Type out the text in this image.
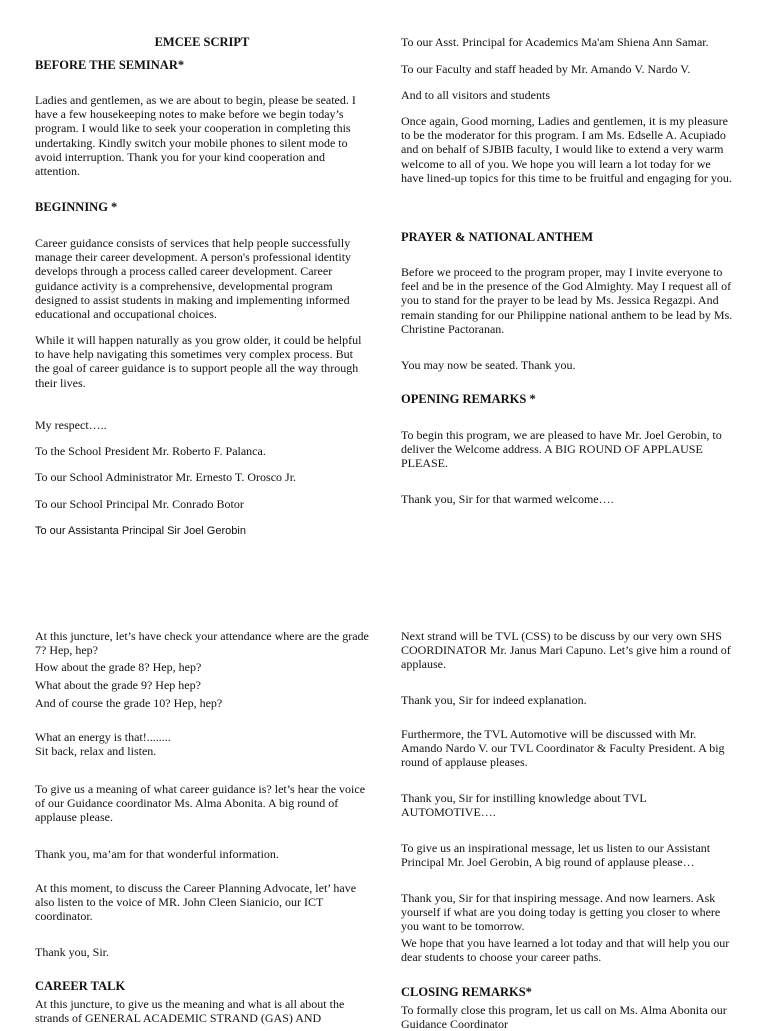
EMCEE SCRIPT

BEFORE THE SEMINAR*

Ladies and gentlemen, as we are about to begin, please be seated. I have a few housekeeping notes to make before we begin today’s program. I would like to seek your cooperation in completing this undertaking. Kindly switch your mobile phones to silent mode to avoid interruption. Thank you for your kind cooperation and attention.

BEGINNING *

Career guidance consists of services that help people successfully manage their career development. A person's professional identity develops through a process called career development. Career guidance activity is a comprehensive, developmental program designed to assist students in making and implementing informed educational and occupational choices.

While it will happen naturally as you grow older, it could be helpful to have help navigating this sometimes very complex process. But the goal of career guidance is to support people all the way through their lives.

My respect…..

To the School President Mr. Roberto F. Palanca.

To our School Administrator Mr. Ernesto T. Orosco Jr.

To our School Principal Mr. Conrado Botor

To our Assistanta Principal Sir Joel Gerobin

To our Asst. Principal for Academics Ma'am Shiena Ann Samar.

To our Faculty and staff headed by Mr. Amando V. Nardo V.

And to all visitors and students

Once again, Good morning, Ladies and gentlemen, it is my pleasure to be the moderator for this program. I am Ms. Edselle A. Acupiado and on behalf of SJBIB faculty, I would like to extend a very warm welcome to all of you. We hope you will learn a lot today for we have lined-up topics for this time to be fruitful and engaging for you.

PRAYER & NATIONAL ANTHEM

Before we proceed to the program proper, may I invite everyone to feel and be in the presence of the God Almighty. May I request all of you to stand for the prayer to be lead by Ms. Jessica Regazpi. And remain standing for our Philippine national anthem to be lead by Ms. Christine Pactoranan.

You may now be seated. Thank you.

OPENING REMARKS *

To begin this program, we are pleased to have Mr. Joel Gerobin, to deliver the Welcome address. A BIG ROUND OF APPLAUSE PLEASE.

Thank you, Sir for that warmed welcome….

At this juncture, let’s have check your attendance where are the grade 7? Hep, hep?

How about the grade 8? Hep, hep?

What about the grade 9? Hep hep?

And of course the grade 10? Hep, hep?

What an energy is that!........
Sit back, relax and listen.

To give us a meaning of what career guidance is? let’s hear the voice of our Guidance coordinator Ms. Alma Abonita. A big round of applause please.

Thank you, ma’am for that wonderful information.

At this moment, to discuss the Career Planning Advocate, let’ have also listen to the voice of MR. John Cleen Sianicio, our ICT coordinator.

Thank you, Sir.

CAREER TALK

At this juncture, to give us the meaning and what is all about the strands of GENERAL ACADEMIC STRAND (GAS) AND

Next strand will be TVL (CSS) to be discuss by our very own SHS COORDINATOR Mr. Janus Mari Capuno. Let’s give him a round of applause.

Thank you, Sir for indeed explanation.

Furthermore, the TVL Automotive will be discussed with Mr. Amando Nardo V. our TVL Coordinator & Faculty President. A big round of applause pleases.

Thank you, Sir for instilling knowledge about TVL AUTOMOTIVE….

To give us an inspirational message, let us listen to our Assistant Principal Mr. Joel Gerobin, A big round of applause please…

Thank you, Sir for that inspiring message. And now learners. Ask yourself if what are you doing today is getting you closer to where you want to be tomorrow.

We hope that you have learned a lot today and that will help you our dear students to choose your career paths.

CLOSING REMARKS*

To formally close this program, let us call on Ms. Alma Abonita our Guidance Coordinator
